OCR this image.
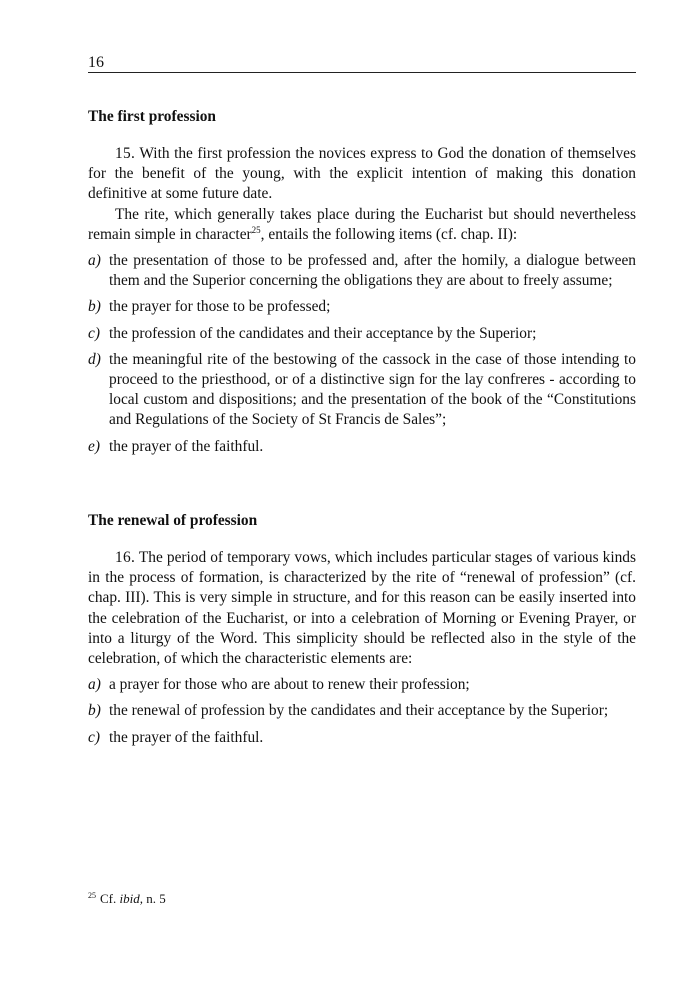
16
The first profession

15. With the first profession the novices express to God the donation of themselves for the benefit of the young, with the explicit intention of making this donation definitive at some future date.

The rite, which generally takes place during the Eucharist but should nevertheless remain simple in character$^{25}$, entails the following items (cf. chap. II):

a) the presentation of those to be professed and, after the homily, a dialogue between them and the Superior concerning the obligations they are about to freely assume;
b) the prayer for those to be professed;
c) the profession of the candidates and their acceptance by the Superior;
d) the meaningful rite of the bestowing of the cassock in the case of those intending to proceed to the priesthood, or of a distinctive sign for the lay confreres - according to local custom and dispositions; and the presentation of the book of the “Constitutions and Regulations of the Society of St Francis de Sales”;
e) the prayer of the faithful.
The renewal of profession

16. The period of temporary vows, which includes particular stages of various kinds in the process of formation, is characterized by the rite of “renewal of profession” (cf. chap. III). This is very simple in structure, and for this reason can be easily inserted into the celebration of the Eucharist, or into a celebration of Morning or Evening Prayer, or into a liturgy of the Word. This simplicity should be reflected also in the style of the celebration, of which the characteristic elements are:

a) a prayer for those who are about to renew their profession;
b) the renewal of profession by the candidates and their acceptance by the Superior;
c) the prayer of the faithful.
$^{25}$ Cf. ibid, n. 5
